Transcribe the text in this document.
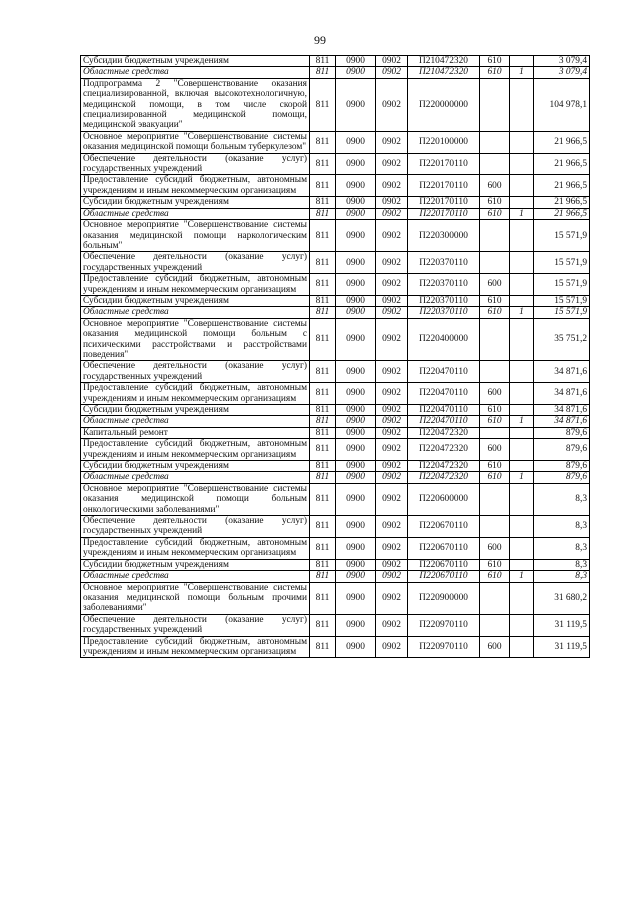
99
Субсидии бюджетным учреждениям	811	0900	0902	П210472320	610		3 079,4
Областные средства	811	0900	0902	П210472320	610	1	3 079,4
Подпрограмма 2 "Совершенствование оказания специализированной, включая высокотехнологичную, медицинской помощи, в том числе скорой специализированной медицинской помощи, медицинской эвакуации"	811	0900	0902	П220000000			104 978,1
Основное мероприятие "Совершенствование системы оказания медицинской помощи больным туберкулезом"	811	0900	0902	П220100000			21 966,5
Обеспечение деятельности (оказание услуг) государственных учреждений	811	0900	0902	П220170110			21 966,5
Предоставление субсидий бюджетным, автономным учреждениям и иным некоммерческим организациям	811	0900	0902	П220170110	600		21 966,5
Субсидии бюджетным учреждениям	811	0900	0902	П220170110	610		21 966,5
Областные средства	811	0900	0902	П220170110	610	1	21 966,5
Основное мероприятие "Совершенствование системы оказания медицинской помощи наркологическим больным"	811	0900	0902	П220300000			15 571,9
Обеспечение деятельности (оказание услуг) государственных учреждений	811	0900	0902	П220370110			15 571,9
Предоставление субсидий бюджетным, автономным учреждениям и иным некоммерческим организациям	811	0900	0902	П220370110	600		15 571,9
Субсидии бюджетным учреждениям	811	0900	0902	П220370110	610		15 571,9
Областные средства	811	0900	0902	П220370110	610	1	15 571,9
Основное мероприятие "Совершенствование системы оказания медицинской помощи больным с психическими расстройствами и расстройствами поведения"	811	0900	0902	П220400000			35 751,2
Обеспечение деятельности (оказание услуг) государственных учреждений	811	0900	0902	П220470110			34 871,6
Предоставление субсидий бюджетным, автономным учреждениям и иным некоммерческим организациям	811	0900	0902	П220470110	600		34 871,6
Субсидии бюджетным учреждениям	811	0900	0902	П220470110	610		34 871,6
Областные средства	811	0900	0902	П220470110	610	1	34 871,6
Капитальный ремонт	811	0900	0902	П220472320			879,6
Предоставление субсидий бюджетным, автономным учреждениям и иным некоммерческим организациям	811	0900	0902	П220472320	600		879,6
Субсидии бюджетным учреждениям	811	0900	0902	П220472320	610		879,6
Областные средства	811	0900	0902	П220472320	610	1	879,6
Основное мероприятие "Совершенствование системы оказания медицинской помощи больным онкологическими заболеваниями"	811	0900	0902	П220600000			8,3
Обеспечение деятельности (оказание услуг) государственных учреждений	811	0900	0902	П220670110			8,3
Предоставление субсидий бюджетным, автономным учреждениям и иным некоммерческим организациям	811	0900	0902	П220670110	600		8,3
Субсидии бюджетным учреждениям	811	0900	0902	П220670110	610		8,3
Областные средства	811	0900	0902	П220670110	610	1	8,3
Основное мероприятие "Совершенствование системы оказания медицинской помощи больным прочими заболеваниями"	811	0900	0902	П220900000			31 680,2
Обеспечение деятельности (оказание услуг) государственных учреждений	811	0900	0902	П220970110			31 119,5
Предоставление субсидий бюджетным, автономным учреждениям и иным некоммерческим организациям	811	0900	0902	П220970110	600		31 119,5
